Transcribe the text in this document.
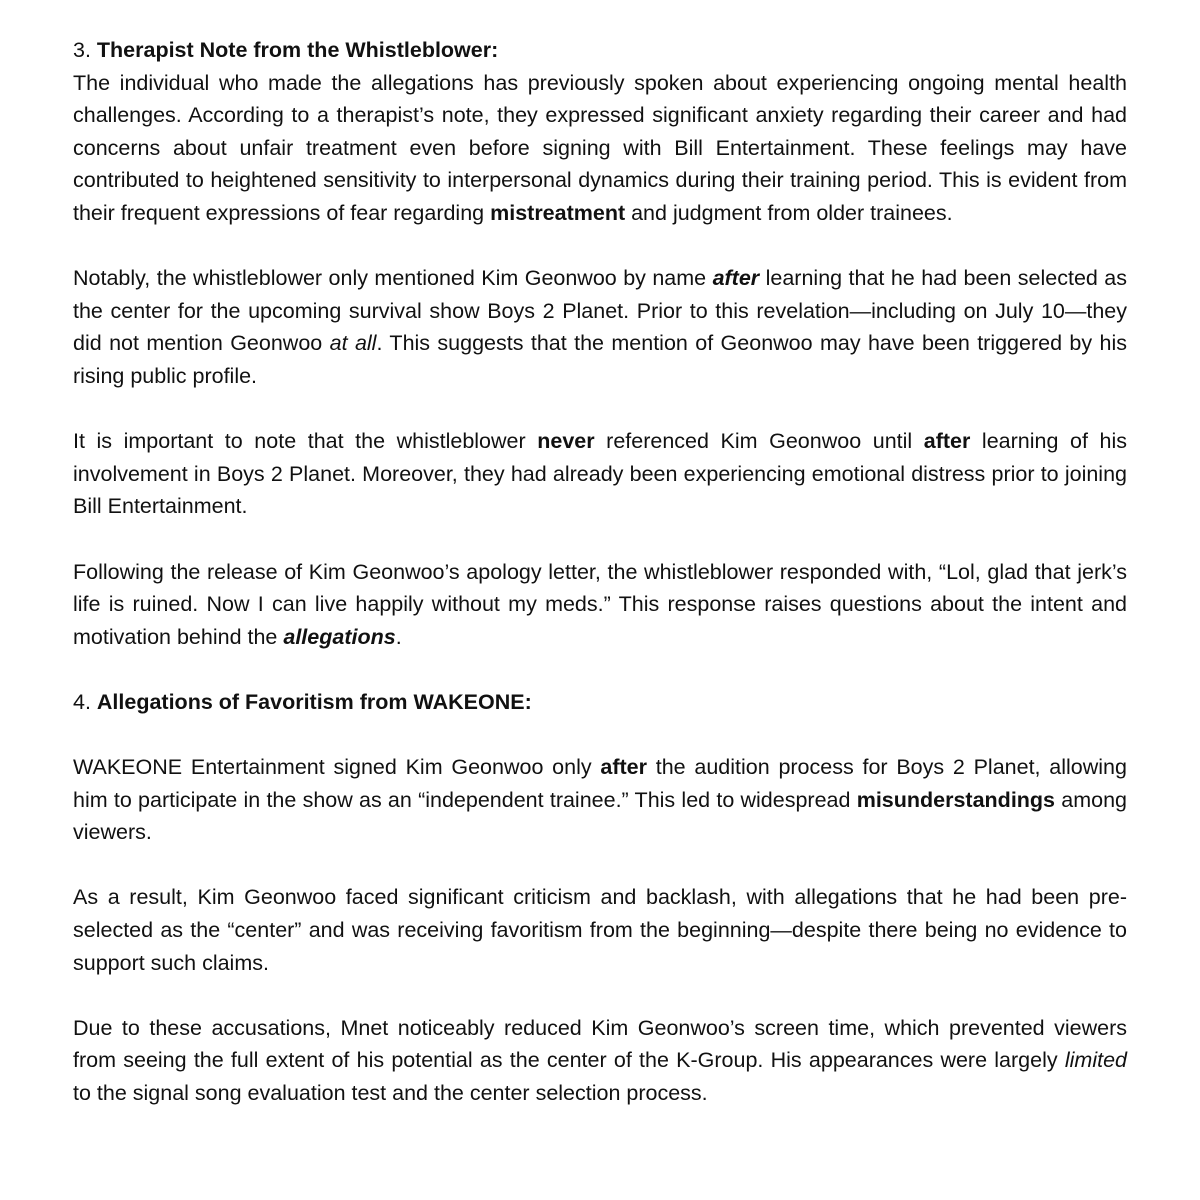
3. Therapist Note from the Whistleblower:

The individual who made the allegations has previously spoken about experiencing ongoing mental health challenges. According to a therapist’s note, they expressed significant anxiety regarding their career and had concerns about unfair treatment even before signing with Bill Entertainment. These feelings may have contributed to heightened sensitivity to interpersonal dynamics during their training period. This is evident from their frequent expressions of fear regarding mistreatment and judgment from older trainees.

Notably, the whistleblower only mentioned Kim Geonwoo by name after learning that he had been selected as the center for the upcoming survival show Boys 2 Planet. Prior to this revelation—including on July 10—they did not mention Geonwoo at all. This suggests that the mention of Geonwoo may have been triggered by his rising public profile.

It is important to note that the whistleblower never referenced Kim Geonwoo until after learning of his involvement in Boys 2 Planet. Moreover, they had already been experiencing emotional distress prior to joining Bill Entertainment.

Following the release of Kim Geonwoo’s apology letter, the whistleblower responded with, “Lol, glad that jerk’s life is ruined. Now I can live happily without my meds.” This response raises questions about the intent and motivation behind the allegations.

4. Allegations of Favoritism from WAKEONE:

WAKEONE Entertainment signed Kim Geonwoo only after the audition process for Boys 2 Planet, allowing him to participate in the show as an “independent trainee.” This led to widespread misunderstandings among viewers.

As a result, Kim Geonwoo faced significant criticism and backlash, with allegations that he had been pre-selected as the “center” and was receiving favoritism from the beginning—despite there being no evidence to support such claims.

Due to these accusations, Mnet noticeably reduced Kim Geonwoo’s screen time, which prevented viewers from seeing the full extent of his potential as the center of the K-Group. His appearances were largely limited to the signal song evaluation test and the center selection process.
